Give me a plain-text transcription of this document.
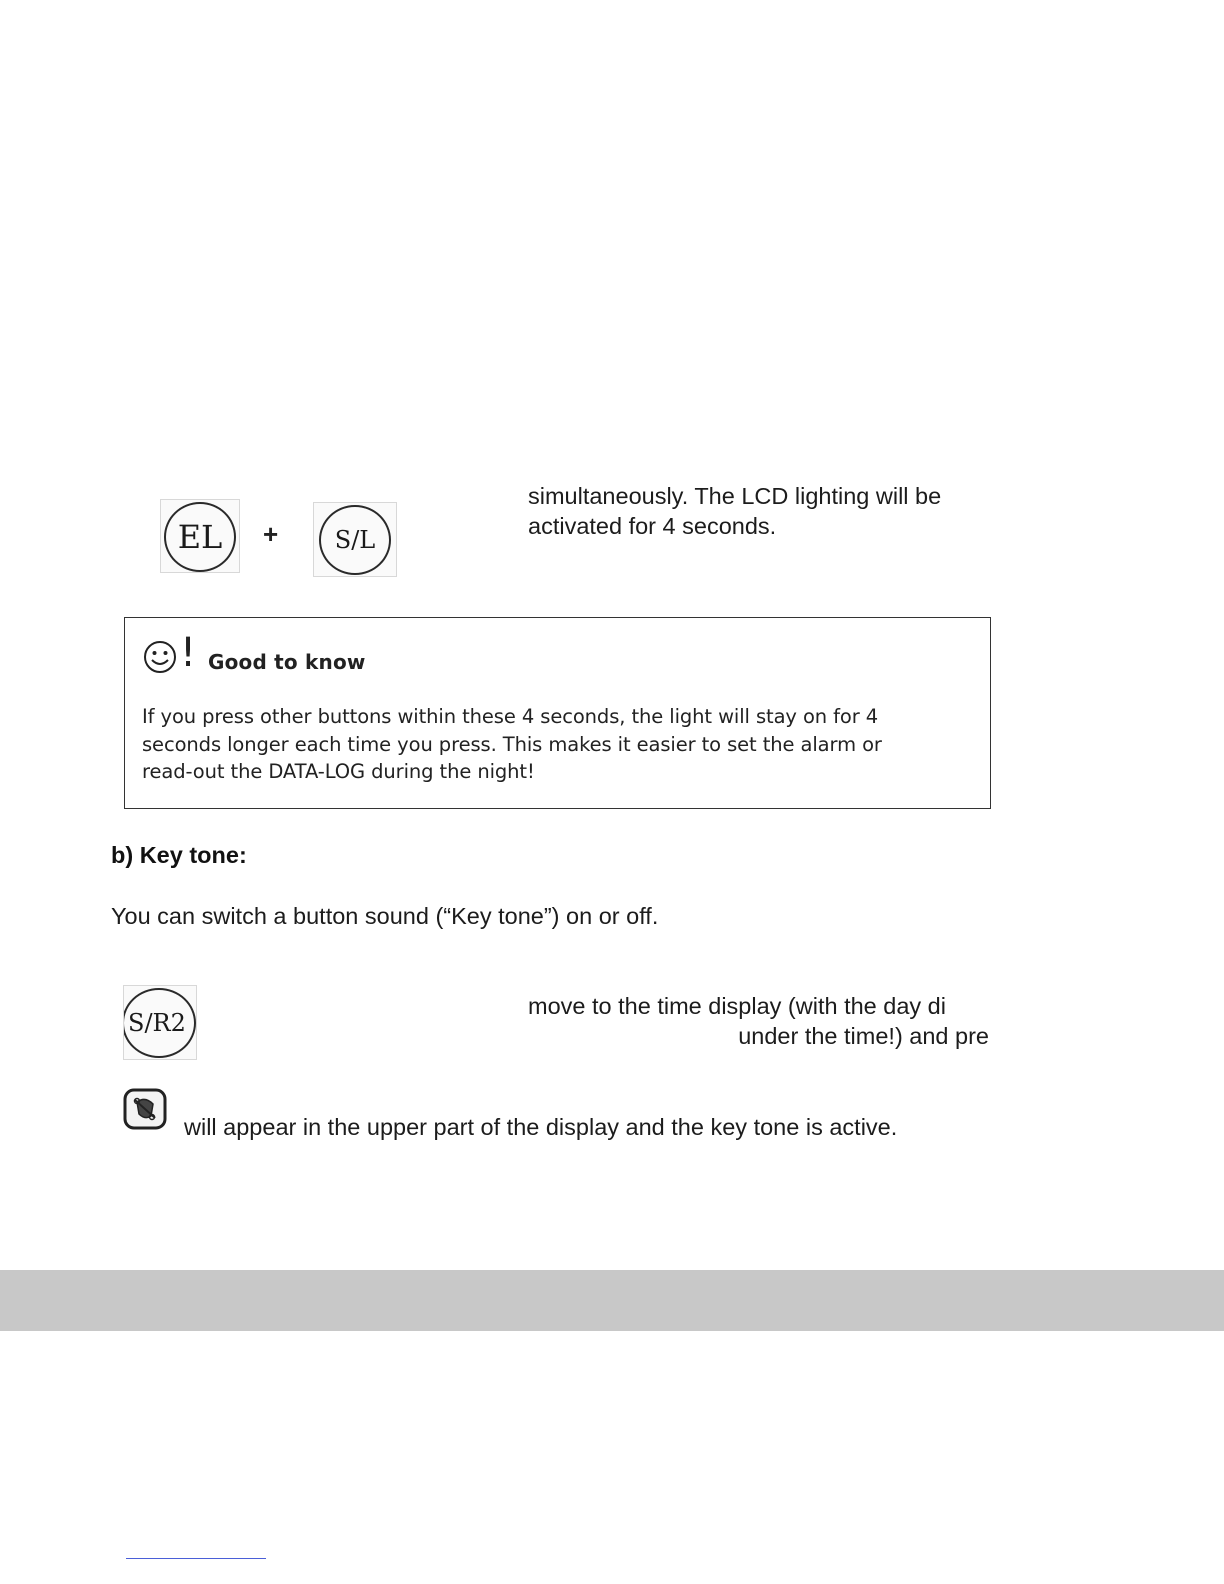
EL + S/L
simultaneously. The LCD lighting will be
activated for 4 seconds.
! Good to know
If you press other buttons within these 4 seconds, the light will stay on for 4
seconds longer each time you press. This makes it easier to set the alarm or
read-out the DATA-LOG during the night!
b) Key tone:
You can switch a button sound (“Key tone”) on or off.
S/R2
move to the time display (with the day di
under the time!) and pre
will appear in the upper part of the display and the key tone is active.
